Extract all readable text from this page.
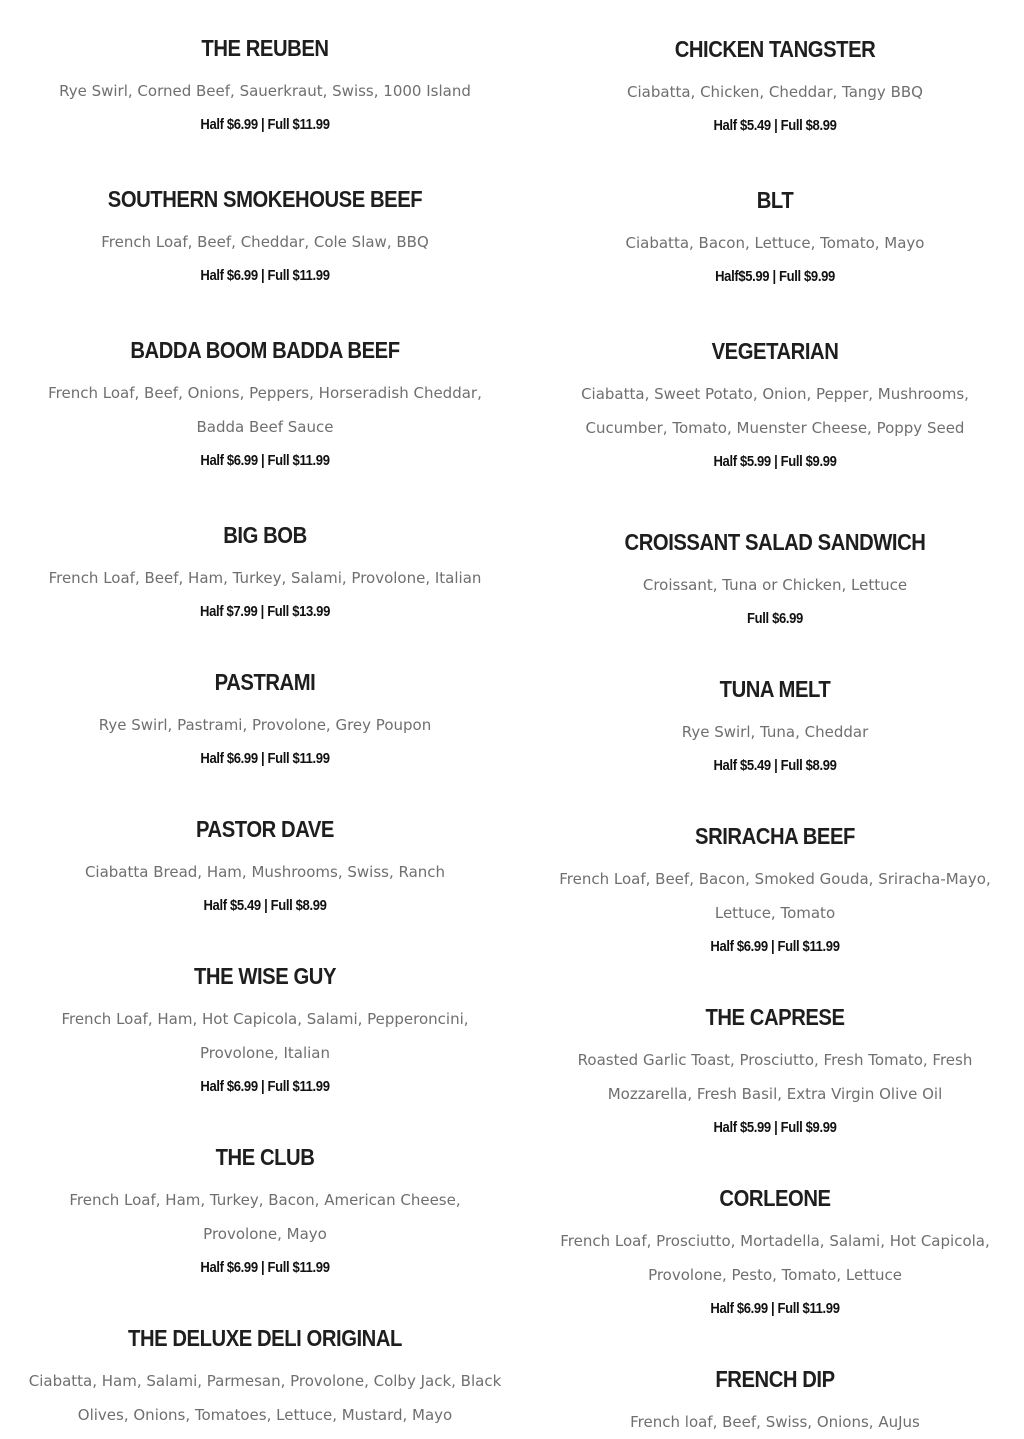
THE REUBEN
Rye Swirl, Corned Beef, Sauerkraut, Swiss, 1000 Island
Half $6.99 | Full $11.99
SOUTHERN SMOKEHOUSE BEEF
French Loaf, Beef, Cheddar, Cole Slaw, BBQ
Half $6.99 | Full $11.99
BADDA BOOM BADDA BEEF
French Loaf, Beef, Onions, Peppers, Horseradish Cheddar, Badda Beef Sauce
Half $6.99 | Full $11.99
BIG BOB
French Loaf, Beef, Ham, Turkey, Salami, Provolone, Italian
Half $7.99 | Full $13.99
PASTRAMI
Rye Swirl, Pastrami, Provolone, Grey Poupon
Half $6.99 | Full $11.99
PASTOR DAVE
Ciabatta Bread, Ham, Mushrooms, Swiss, Ranch
Half $5.49 | Full $8.99
THE WISE GUY
French Loaf, Ham, Hot Capicola, Salami, Pepperoncini, Provolone, Italian
Half $6.99 | Full $11.99
THE CLUB
French Loaf, Ham, Turkey, Bacon, American Cheese, Provolone, Mayo
Half $6.99 | Full $11.99
THE DELUXE DELI ORIGINAL
Ciabatta, Ham, Salami, Parmesan, Provolone, Colby Jack, Black Olives, Onions, Tomatoes, Lettuce, Mustard, Mayo
CHICKEN TANGSTER
Ciabatta, Chicken, Cheddar, Tangy BBQ
Half $5.49 | Full $8.99
BLT
Ciabatta, Bacon, Lettuce, Tomato, Mayo
Half$5.99 | Full $9.99
VEGETARIAN
Ciabatta, Sweet Potato, Onion, Pepper, Mushrooms, Cucumber, Tomato, Muenster Cheese, Poppy Seed
Half $5.99 | Full $9.99
CROISSANT SALAD SANDWICH
Croissant, Tuna or Chicken, Lettuce
Full $6.99
TUNA MELT
Rye Swirl, Tuna, Cheddar
Half $5.49 | Full $8.99
SRIRACHA BEEF
French Loaf, Beef, Bacon, Smoked Gouda, Sriracha-Mayo, Lettuce, Tomato
Half $6.99 | Full $11.99
THE CAPRESE
Roasted Garlic Toast, Prosciutto, Fresh Tomato, Fresh Mozzarella, Fresh Basil, Extra Virgin Olive Oil
Half $5.99 | Full $9.99
CORLEONE
French Loaf, Prosciutto, Mortadella, Salami, Hot Capicola, Provolone, Pesto, Tomato, Lettuce
Half $6.99 | Full $11.99
FRENCH DIP
French loaf, Beef, Swiss, Onions, AuJus
